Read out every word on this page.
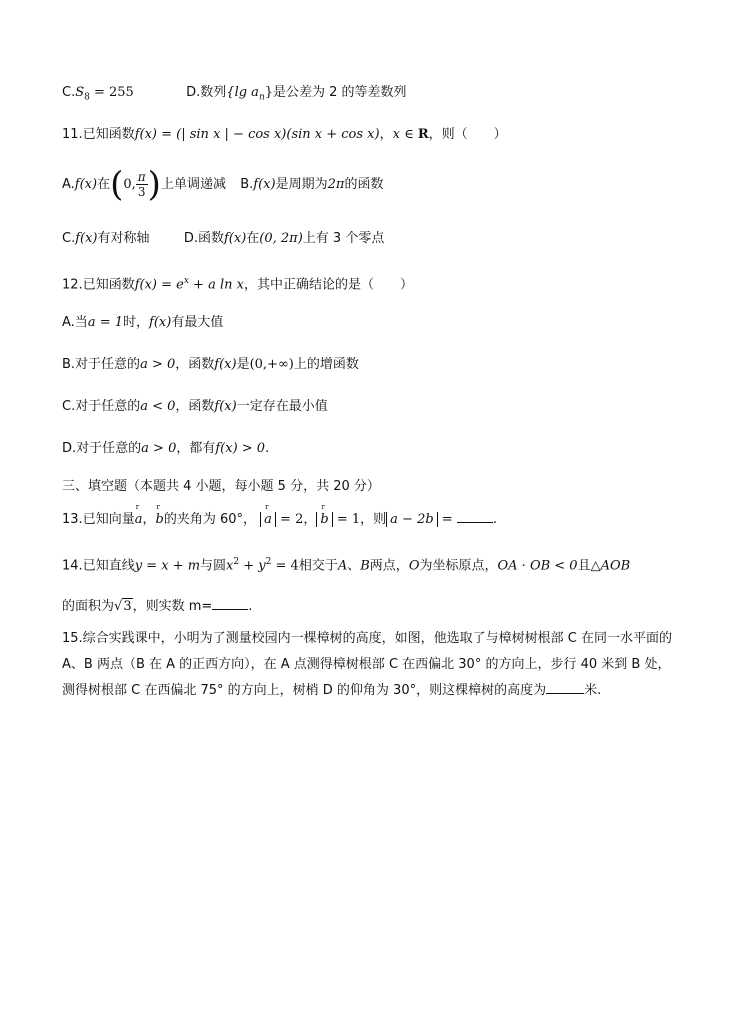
$C.S_8 = 255$	D.数列{lg $a_n$}是公差为 2 的等差数列
11.已知函数f(x) = (| sin x | − cos x)(sin x + cos x)，x ∈ R，则（　　）
A.f(x)在(0, $\frac{\pi}{3}$ )上单调递减 B.f(x)是周期为2π的函数
C.f(x)有对称轴	D.函数f(x)在(0, 2π)上有 3 个零点
12.已知函数$f(x) = e^x + a$ ln x，其中正确结论的是（　　）
A.当a = 1时，f(x)有最大值
B.对于任意的a > 0，函数f(x)是(0,+∞)上的增函数
C.对于任意的a < 0，函数f(x)一定存在最小值
D.对于任意的a > 0，都有f(x) > 0.
三、填空题（本题共 4 小题，每小题 5 分，共 20 分）
13.已知向量
r
a，
r
b的夹角为 60°，
r
a = 2，
r
b = 1，则 a − 2b =	.
14.已知直线y = x + m与圆$x^2 + y^2 = 4$相交于A、B两点，O为坐标原点，OA · OB < 0且△AOB
的面积为√3，则实数 m=	.
15.综合实践课中，小明为了测量校园内一棵樟树的高度，如图，他选取了与樟树树根部 C 在同一水平面的 A、B 两点（B 在 A 的正西方向），在 A 点测得樟树根部 C 在西偏北 30° 的方向上，步行 40 米到 B 处，测得树根部 C 在西偏北 75° 的方向上，树梢 D 的仰角为 30°，则这棵樟树的高度为	米.
